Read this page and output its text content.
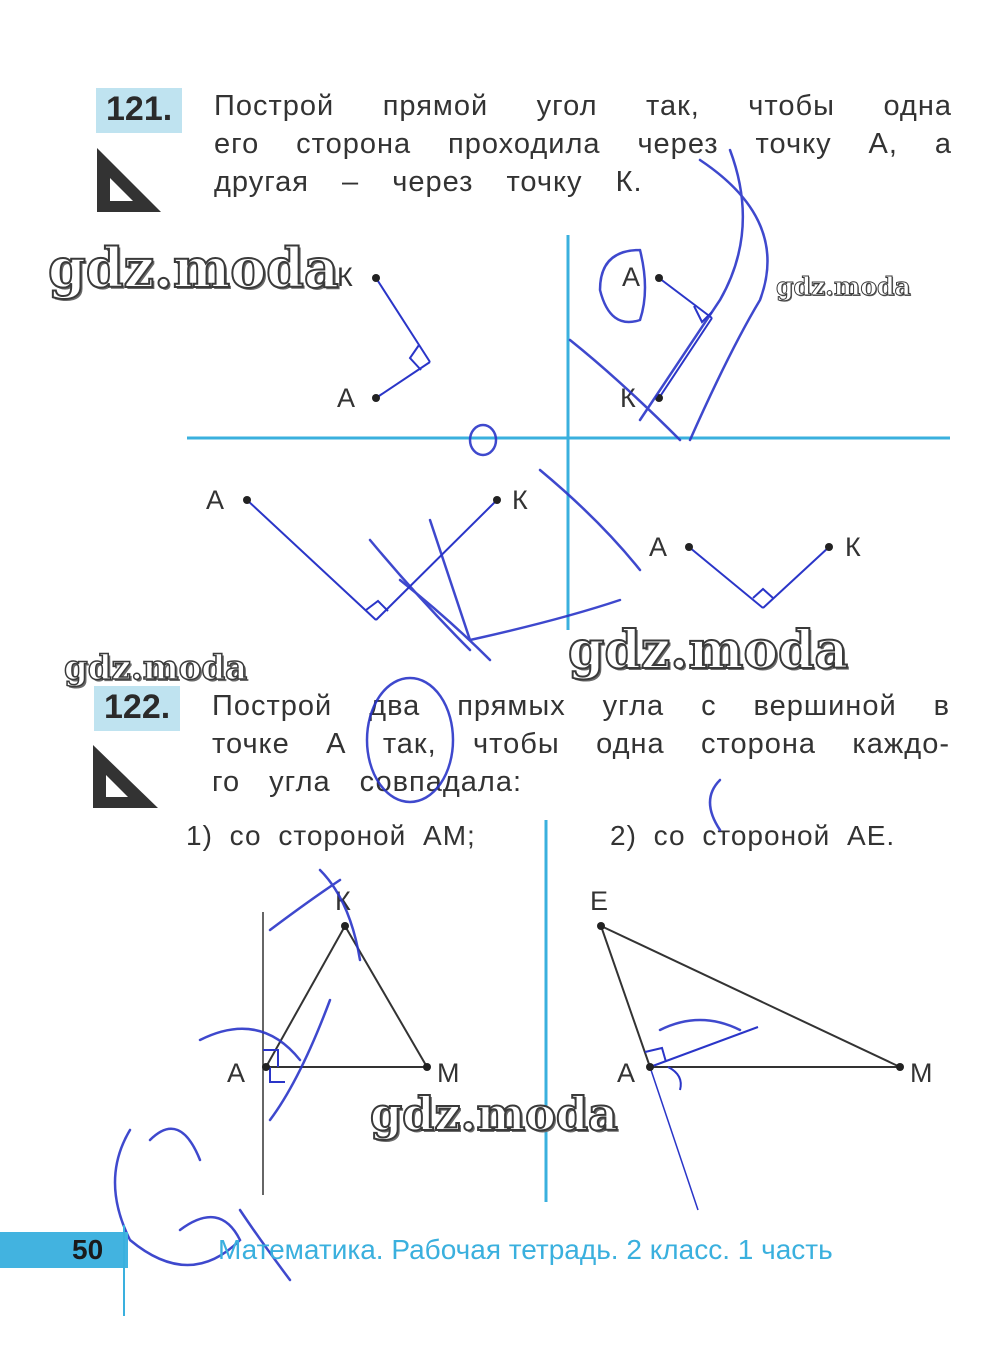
121.	Построй прямой угол так, чтобы одна
его сторона проходила через точку А, а
другая – через точку К.
К
А
А
К
А	К
А	К
122.	Построй два прямых угла с вершиной в
точке А так, чтобы одна сторона каждо-
го угла совпадала:
1) со стороной АМ;	2) со стороной АЕ.
К
А	М
Е
А	М
gdz.moda	gdz.moda
gdz.moda
gdz.moda
gdz.moda
50	Математика. Рабочая тетрадь. 2 класс. 1 часть
